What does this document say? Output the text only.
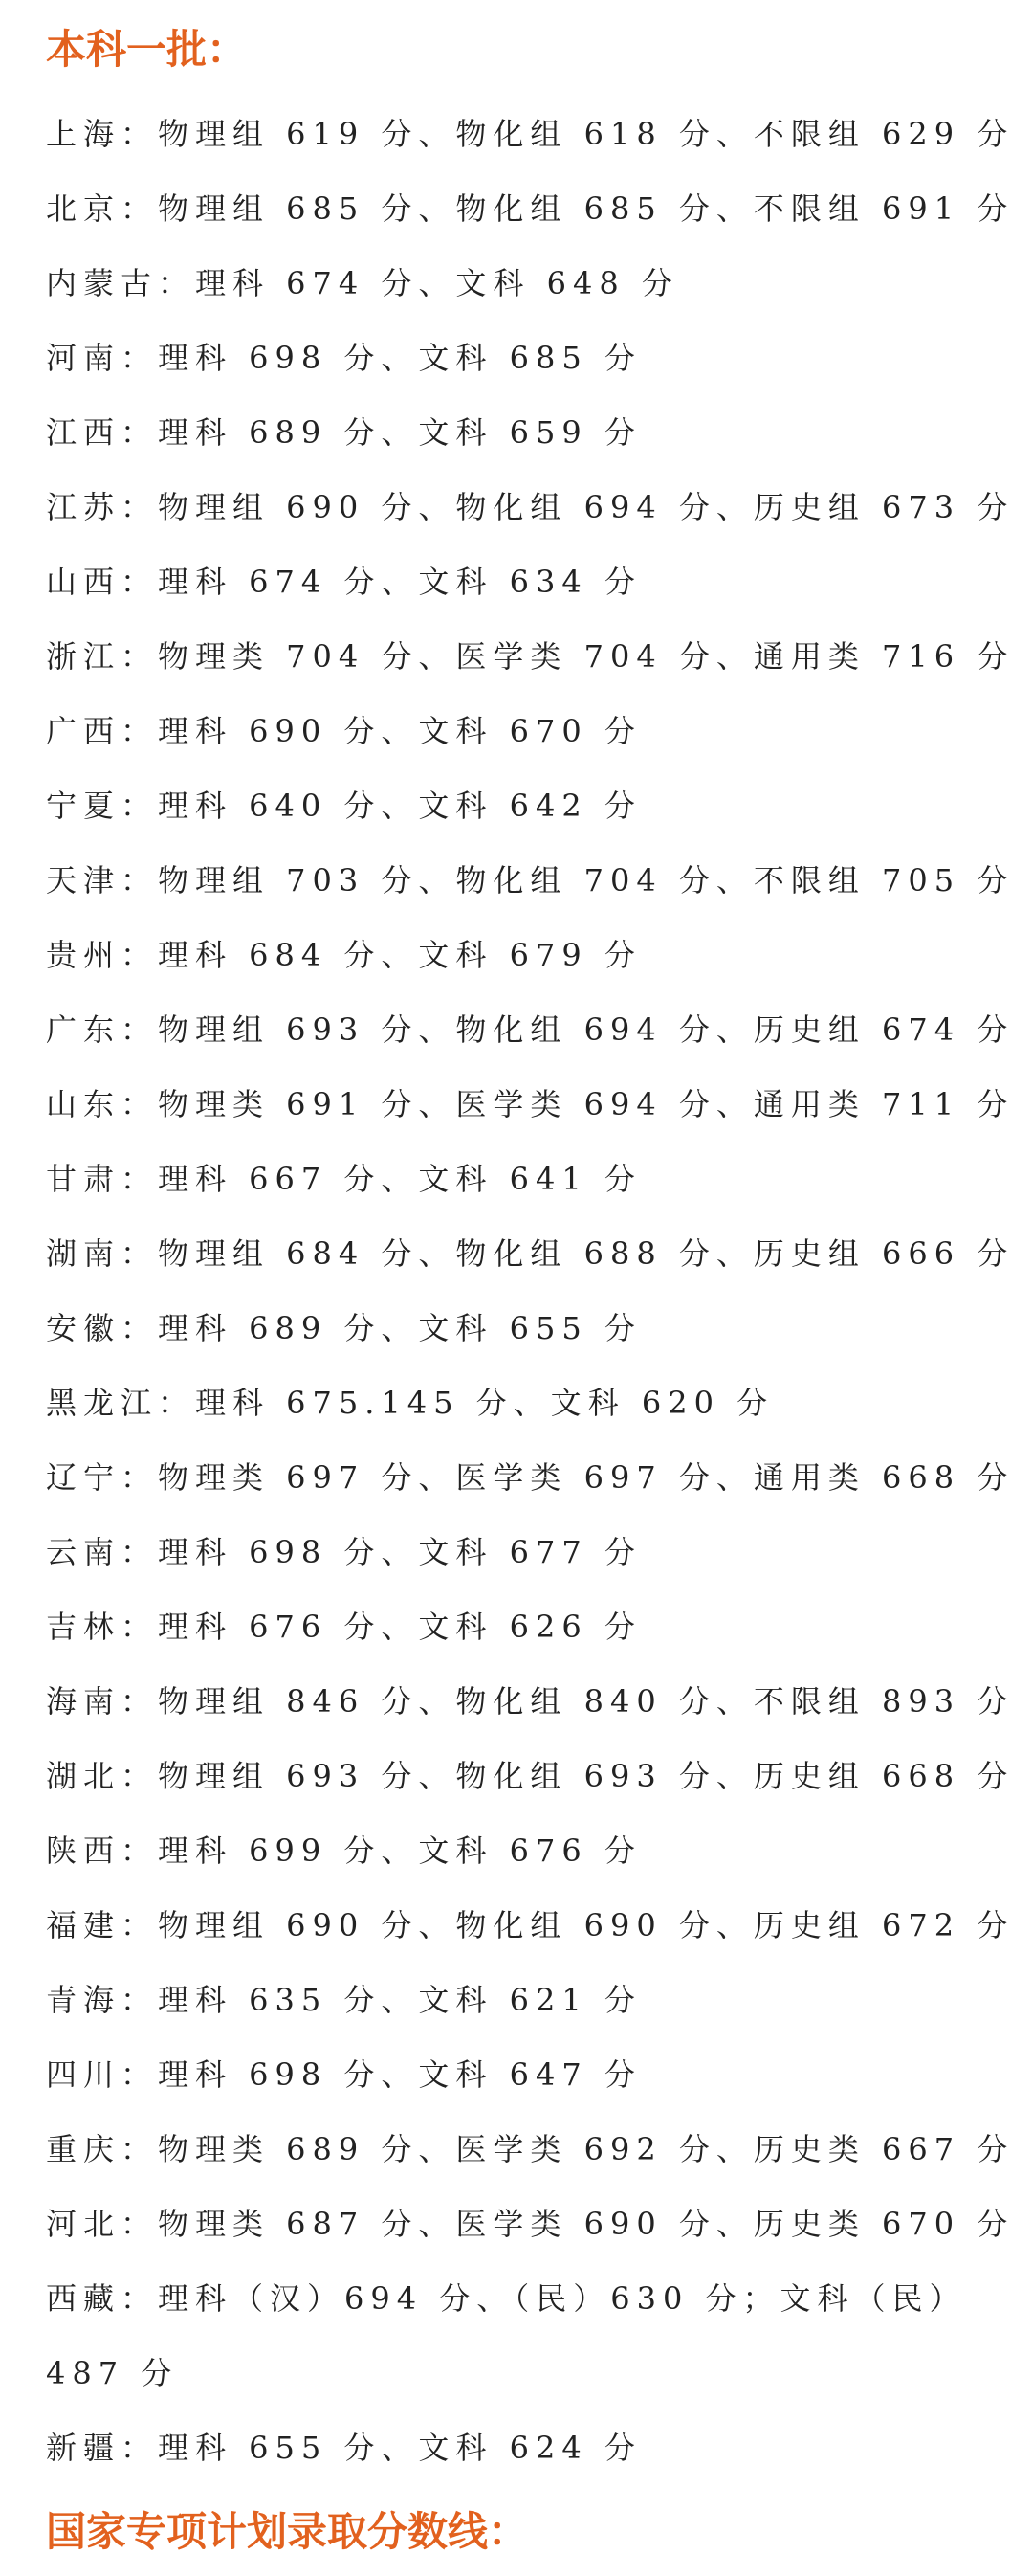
本科一批：

上海：物理组 619 分、物化组 618 分、不限组 629 分

北京：物理组 685 分、物化组 685 分、不限组 691 分

内蒙古：理科 674 分、文科 648 分

河南：理科 698 分、文科 685 分

江西：理科 689 分、文科 659 分

江苏：物理组 690 分、物化组 694 分、历史组 673 分

山西：理科 674 分、文科 634 分

浙江：物理类 704 分、医学类 704 分、通用类 716 分

广西：理科 690 分、文科 670 分

宁夏：理科 640 分、文科 642 分

天津：物理组 703 分、物化组 704 分、不限组 705 分

贵州：理科 684 分、文科 679 分

广东：物理组 693 分、物化组 694 分、历史组 674 分

山东：物理类 691 分、医学类 694 分、通用类 711 分

甘肃：理科 667 分、文科 641 分

湖南：物理组 684 分、物化组 688 分、历史组 666 分

安徽：理科 689 分、文科 655 分

黑龙江：理科 675.145 分、文科 620 分

辽宁：物理类 697 分、医学类 697 分、通用类 668 分

云南：理科 698 分、文科 677 分

吉林：理科 676 分、文科 626 分

海南：物理组 846 分、物化组 840 分、不限组 893 分

湖北：物理组 693 分、物化组 693 分、历史组 668 分

陕西：理科 699 分、文科 676 分

福建：物理组 690 分、物化组 690 分、历史组 672 分

青海：理科 635 分、文科 621 分

四川：理科 698 分、文科 647 分

重庆：物理类 689 分、医学类 692 分、历史类 667 分

河北：物理类 687 分、医学类 690 分、历史类 670 分

西藏：理科（汉）694 分、（民）630 分；文科（民）

487 分

新疆：理科 655 分、文科 624 分

国家专项计划录取分数线：
